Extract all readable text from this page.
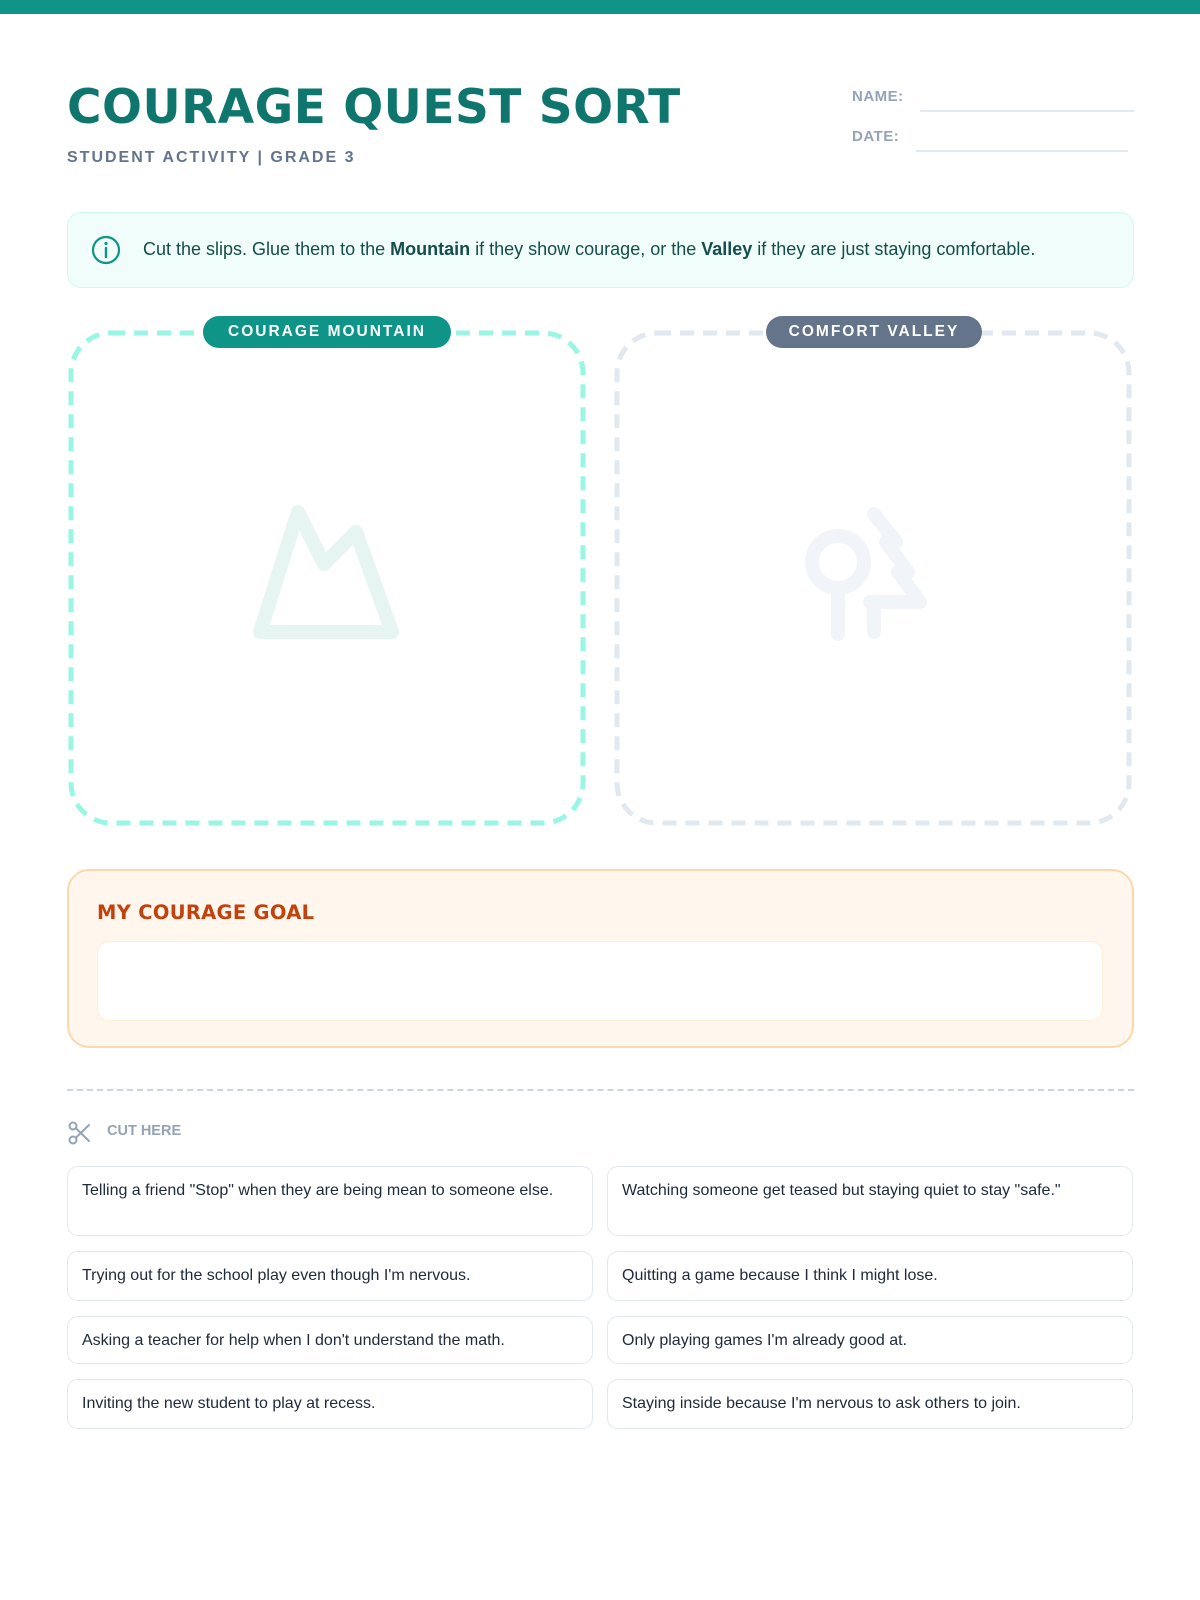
COURAGE QUEST SORT
STUDENT ACTIVITY | GRADE 3
NAME:
DATE:
Cut the slips. Glue them to the Mountain if they show courage, or the Valley if they are just staying comfortable.
COURAGE MOUNTAIN	COMFORT VALLEY
MY COURAGE GOAL
CUT HERE
Telling a friend "Stop" when they are being mean to someone else.	Watching someone get teased but staying quiet to stay "safe."
Trying out for the school play even though I'm nervous.	Quitting a game because I think I might lose.
Asking a teacher for help when I don't understand the math.	Only playing games I'm already good at.
Inviting the new student to play at recess.	Staying inside because I'm nervous to ask others to join.
